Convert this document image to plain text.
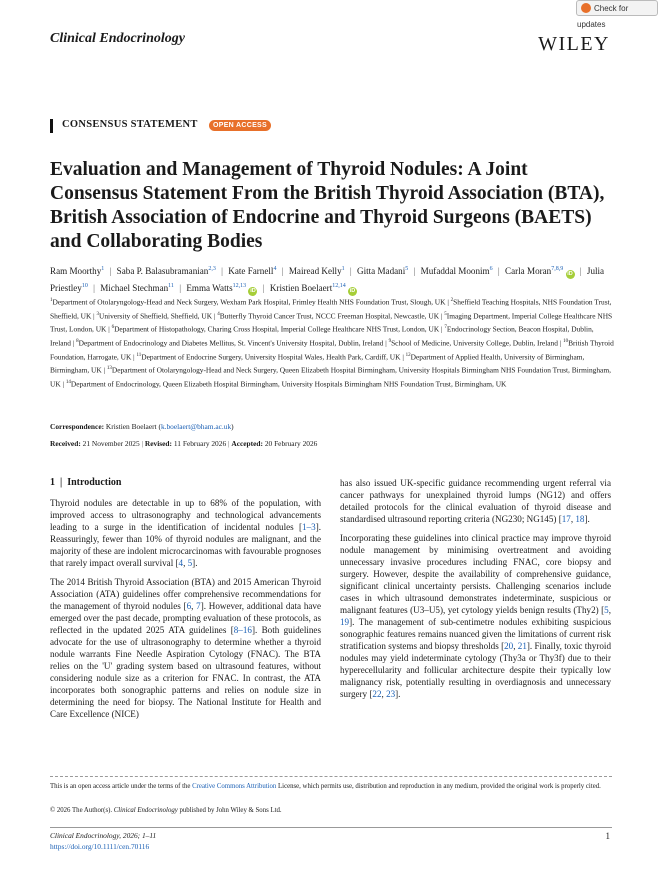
Check for updates
Clinical Endocrinology	WILEY
CONSENSUS STATEMENT	OPEN ACCESS
Evaluation and Management of Thyroid Nodules: A Joint Consensus Statement From the British Thyroid Association (BTA), British Association of Endocrine and Thyroid Surgeons (BAETS) and Collaborating Bodies
Ram Moorthy$^1$ | Saba P. Balasubramanian$^{2,3}$ | Kate Farnell$^4$ | Mairead Kelly$^1$ | Gitta Madani$^5$ | Mufaddal Moonim$^6$ | Carla Moran$^{7,8,9}$ iD | Julia Priestley$^{10}$ | Michael Stechman$^{11}$ | Emma Watts$^{12,13}$ iD | Kristien Boelaert$^{12,14}$ iD
$^1$Department of Otolaryngology-Head and Neck Surgery, Wexham Park Hospital, Frimley Health NHS Foundation Trust, Slough, UK | $^2$Sheffield Teaching Hospitals, NHS Foundation Trust, Sheffield, UK | $^3$University of Sheffield, Sheffield, UK | $^4$Butterfly Thyroid Cancer Trust, NCCC Freeman Hospital, Newcastle, UK | $^5$Imaging Department, Imperial College Healthcare NHS Trust, London, UK | $^6$Department of Histopathology, Charing Cross Hospital, Imperial College Healthcare NHS Trust, London, UK | $^7$Endocrinology Section, Beacon Hospital, Dublin, Ireland | $^8$Department of Endocrinology and Diabetes Mellitus, St. Vincent's University Hospital, Dublin, Ireland | $^9$School of Medicine, University College, Dublin, Ireland | $^{10}$British Thyroid Foundation, Harrogate, UK | $^{11}$Department of Endocrine Surgery, University Hospital Wales, Health Park, Cardiff, UK | $^{12}$Department of Applied Health, University of Birmingham, Birmingham, UK | $^{13}$Department of Otolaryngology-Head and Neck Surgery, Queen Elizabeth Hospital Birmingham, University Hospitals Birmingham NHS Foundation Trust, Birmingham, UK | $^{14}$Department of Endocrinology, Queen Elizabeth Hospital Birmingham, University Hospitals Birmingham NHS Foundation Trust, Birmingham, UK
Correspondence: Kristien Boelaert (k.boelaert@bham.ac.uk)
Received: 21 November 2025 | Revised: 11 February 2026 | Accepted: 20 February 2026
1  |  Introduction

Thyroid nodules are detectable in up to 68% of the population, with improved access to ultrasonography and technological advancements leading to a surge in the identification of incidental nodules [1–3]. Reassuringly, fewer than 10% of thyroid nodules are malignant, and the majority of these are indolent microcarcinomas with favourable prognoses that rarely impact overall survival [4, 5].

The 2014 British Thyroid Association (BTA) and 2015 American Thyroid Association (ATA) guidelines offer comprehensive recommendations for the management of thyroid nodules [6, 7]. However, additional data have emerged over the past decade, prompting evaluation of these protocols, as reflected in the updated 2025 ATA guidelines [8–16]. Both guidelines advocate for the use of ultrasonography to determine whether a thyroid nodule warrants Fine Needle Aspiration Cytology (FNAC). The BTA relies on the 'U' grading system based on ultrasound features, without considering nodule size as a criterion for FNAC. In contrast, the ATA incorporates both sonographic patterns and relies on nodule size in determining the need for biopsy. The National Institute for Health and Care Excellence (NICE)

has also issued UK-specific guidance recommending urgent referral via cancer pathways for unexplained thyroid lumps (NG12) and offers detailed protocols for the clinical evaluation of thyroid disease and standardised ultrasound reporting criteria (NG230; NG145) [17, 18].

Incorporating these guidelines into clinical practice may improve thyroid nodule management by minimising overtreatment and avoiding unnecessary invasive procedures including FNAC, core biopsy and surgery. However, despite the availability of comprehensive guidance, significant clinical uncertainty persists. Challenging scenarios include cases in which ultrasound demonstrates indeterminate, suspicious or malignant features (U3–U5), yet cytology yields benign results (Thy2) [5, 19]. The management of sub-centimetre nodules exhibiting suspicious sonographic features remains nuanced given the limitations of current risk stratification systems and biopsy thresholds [20, 21]. Finally, toxic thyroid nodules may yield indeterminate cytology (Thy3a or Thy3f) due to their hyperecellularity and follicular architecture despite their typically low malignancy risk, potentially resulting in overdiagnosis and unnecessary surgery [22, 23].

This is an open access article under the terms of the Creative Commons Attribution License, which permits use, distribution and reproduction in any medium, provided the original work is properly cited.
© 2026 The Author(s). Clinical Endocrinology published by John Wiley & Sons Ltd.
Clinical Endocrinology, 2026; 1–11
https://doi.org/10.1111/cen.70116
1
